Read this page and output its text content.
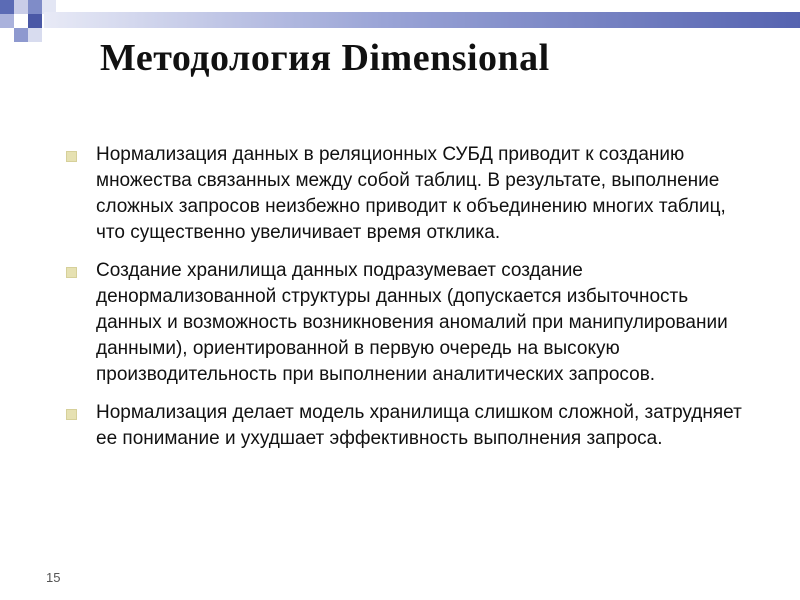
Методология Dimensional
Нормализация данных в реляционных СУБД приводит к созданию множества связанных между собой таблиц. В результате, выполнение сложных запросов неизбежно приводит к объединению многих таблиц, что существенно увеличивает время отклика.
Создание хранилища данных подразумевает создание денормализованной структуры данных (допускается избыточность данных и возможность возникновения аномалий при манипулировании данными), ориентированной в первую очередь на высокую производительность при выполнении аналитических запросов.
Нормализация делает модель хранилища слишком сложной, затрудняет ее понимание и ухудшает эффективность выполнения запроса.
15
